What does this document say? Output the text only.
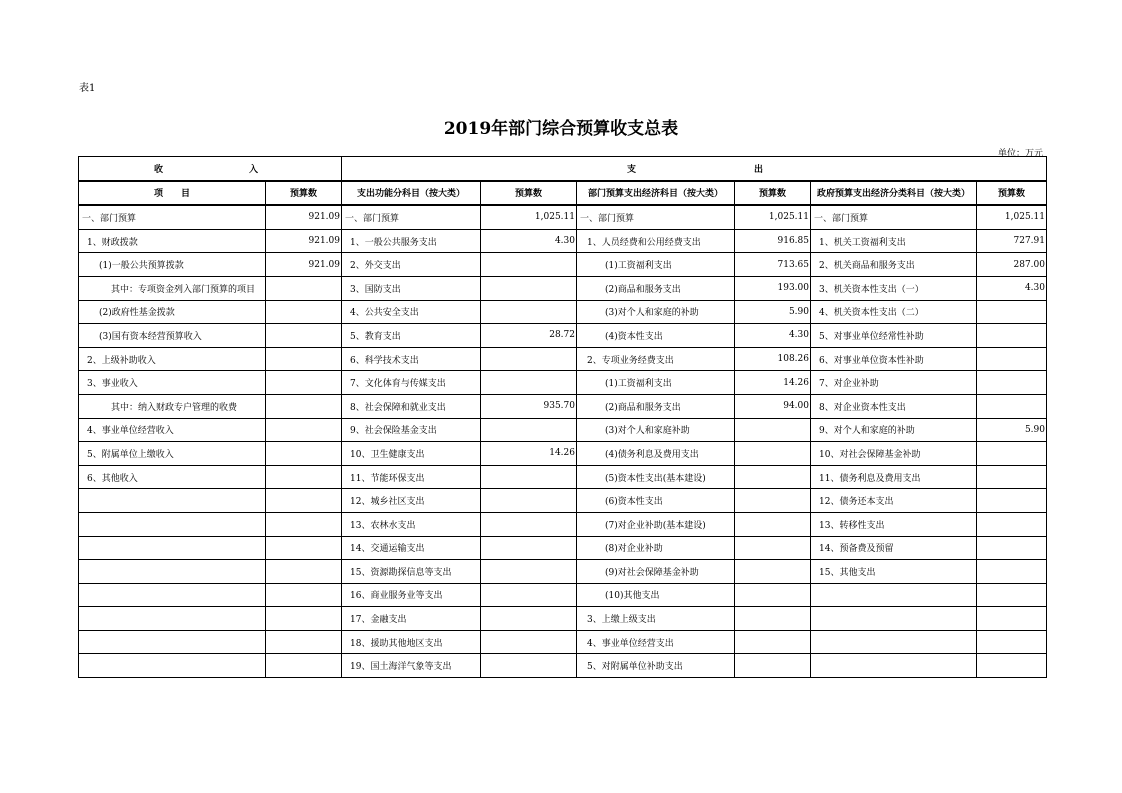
表1
2019年部门综合预算收支总表
单位：万元
收 入		支 出					

项　　目	预算数	支出功能分科目（按大类）	预算数	部门预算支出经济科目（按大类）	预算数	政府预算支出经济分类科目（按大类）	预算数
一、部门预算	921.09	一、部门预算	1,025.11	一、部门预算	1,025.11	一、部门预算	1,025.11
1、财政拨款	921.09	1、一般公共服务支出	4.30	1、人员经费和公用经费支出	916.85	1、机关工资福利支出	727.91
(1)一般公共预算拨款	921.09	2、外交支出		(1)工资福利支出	713.65	2、机关商品和服务支出	287.00
其中：专项资金列入部门预算的项目		3、国防支出		(2)商品和服务支出	193.00	3、机关资本性支出（一）	4.30
(2)政府性基金拨款		4、公共安全支出		(3)对个人和家庭的补助	5.90	4、机关资本性支出（二）	
(3)国有资本经营预算收入		5、教育支出	28.72	(4)资本性支出	4.30	5、对事业单位经常性补助	
2、上级补助收入		6、科学技术支出		2、专项业务经费支出	108.26	6、对事业单位资本性补助	
3、事业收入		7、文化体育与传媒支出		(1)工资福利支出	14.26	7、对企业补助	
其中：纳入财政专户管理的收费		8、社会保障和就业支出	935.70	(2)商品和服务支出	94.00	8、对企业资本性支出	
4、事业单位经营收入		9、社会保险基金支出		(3)对个人和家庭补助		9、对个人和家庭的补助	5.90
5、附属单位上缴收入		10、卫生健康支出	14.26	(4)债务利息及费用支出		10、对社会保障基金补助	
6、其他收入		11、节能环保支出		(5)资本性支出(基本建设)		11、债务利息及费用支出	
		12、城乡社区支出		(6)资本性支出		12、债务还本支出	
		13、农林水支出		(7)对企业补助(基本建设)		13、转移性支出	
		14、交通运输支出		(8)对企业补助		14、预备费及预留	
		15、资源勘探信息等支出		(9)对社会保障基金补助		15、其他支出	
		16、商业服务业等支出		(10)其他支出			
		17、金融支出		3、上缴上级支出			
		18、援助其他地区支出		4、事业单位经营支出			
		19、国土海洋气象等支出		5、对附属单位补助支出			
